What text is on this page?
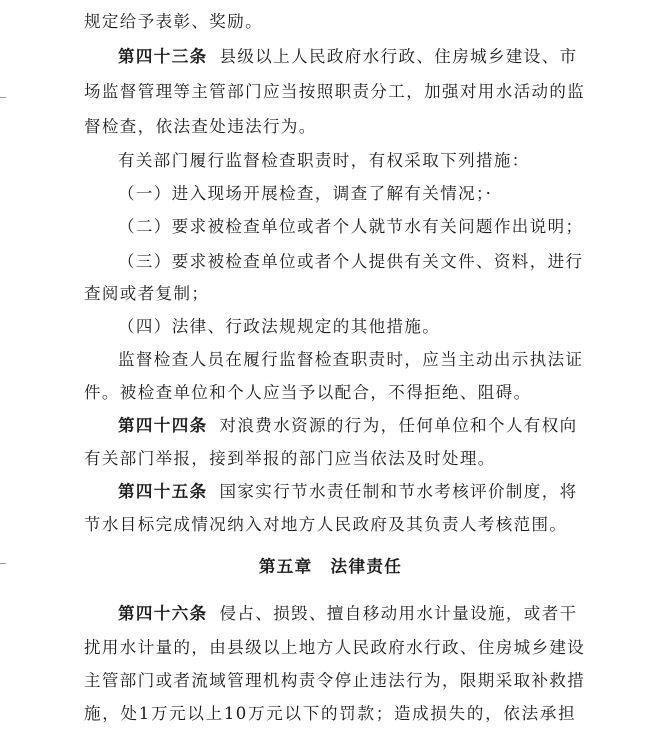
规定给予表彰、奖励。
第四十三条 县级以上人民政府水行政、住房城乡建设、市
场监督管理等主管部门应当按照职责分工，加强对用水活动的监
督检查，依法查处违法行为。
有关部门履行监督检查职责时，有权采取下列措施：
（一）进入现场开展检查，调查了解有关情况；·
（二）要求被检查单位或者个人就节水有关问题作出说明；
（三）要求被检查单位或者个人提供有关文件、资料，进行
查阅或者复制；
（四）法律、行政法规规定的其他措施。
监督检查人员在履行监督检查职责时，应当主动出示执法证
件。被检查单位和个人应当予以配合，不得拒绝、阻碍。
第四十四条 对浪费水资源的行为，任何单位和个人有权向
有关部门举报，接到举报的部门应当依法及时处理。
第四十五条 国家实行节水责任制和节水考核评价制度，将
节水目标完成情况纳入对地方人民政府及其负责人考核范围。
第五章 法律责任
第四十六条 侵占、损毁、擅自移动用水计量设施，或者干
扰用水计量的，由县级以上地方人民政府水行政、住房城乡建设
主管部门或者流域管理机构责令停止违法行为，限期采取补救措
施，处1万元以上10万元以下的罚款；造成损失的，依法承担
